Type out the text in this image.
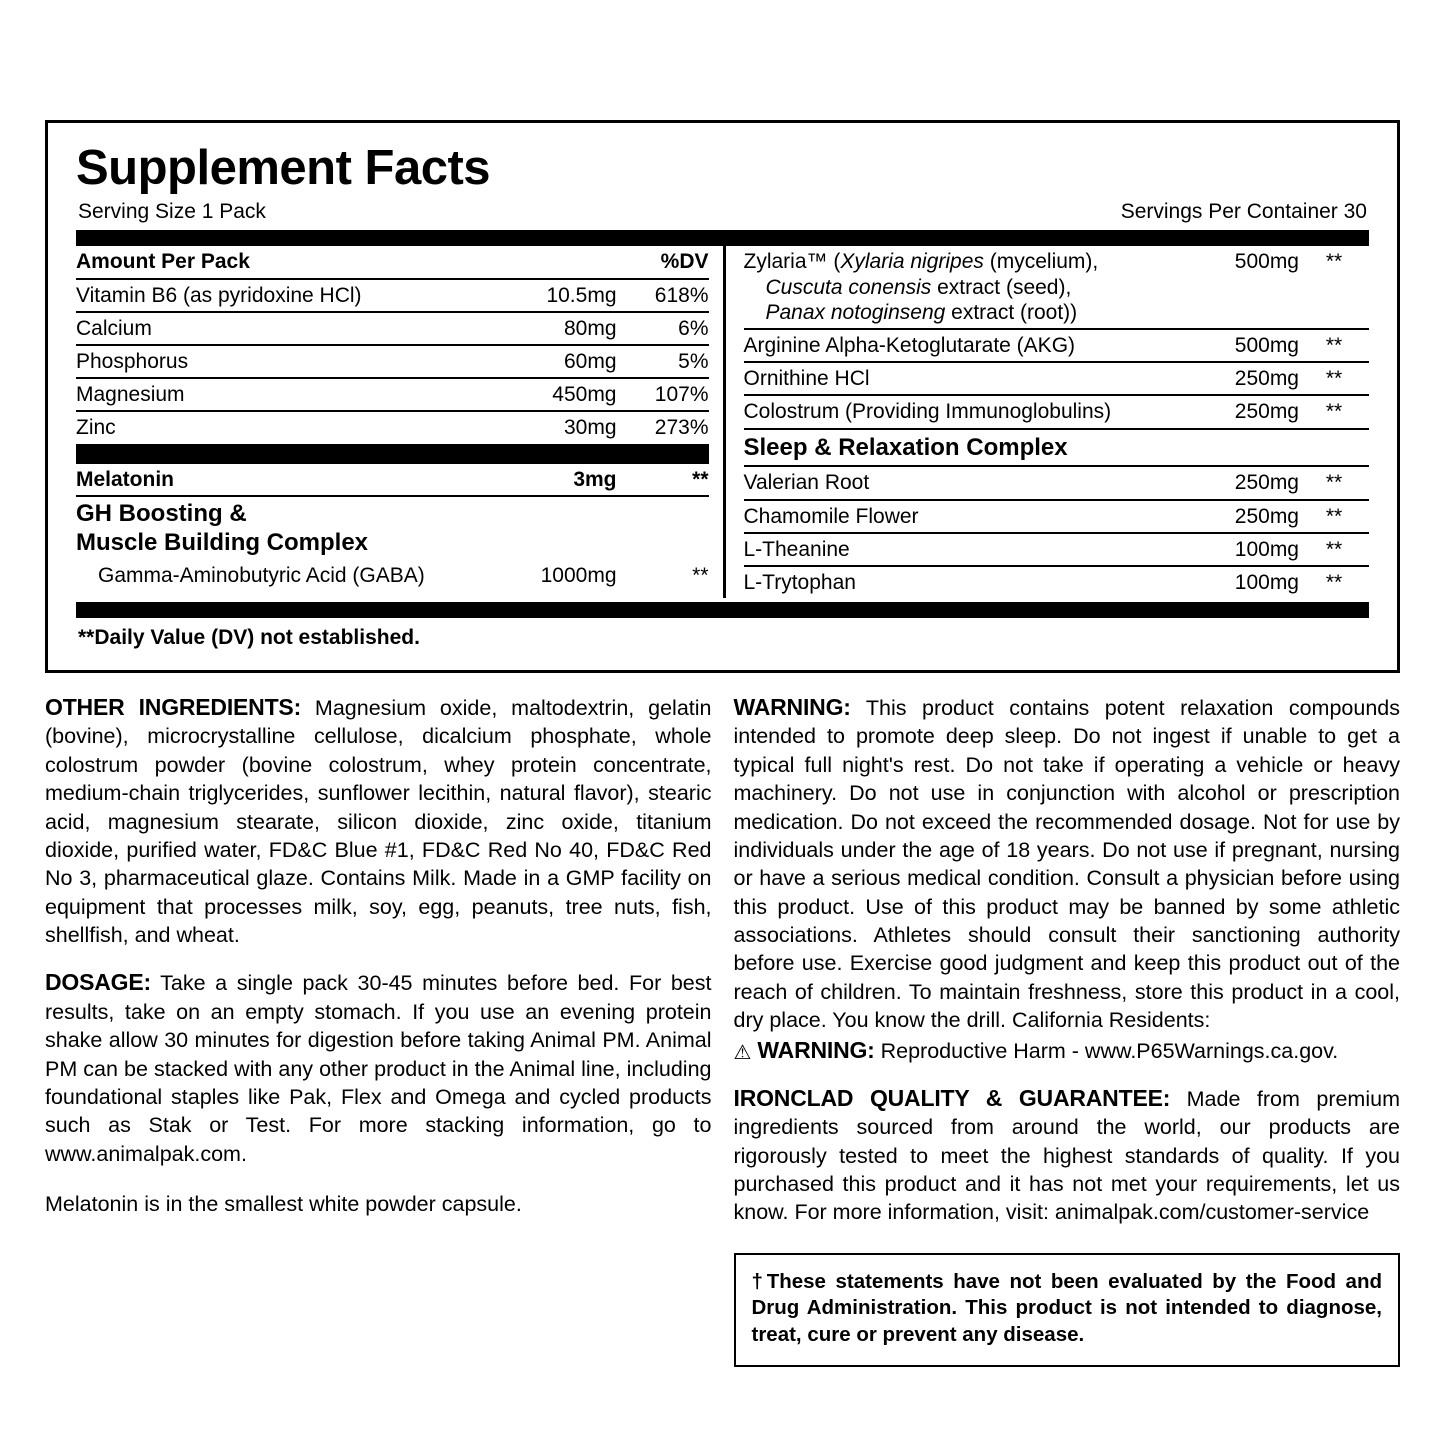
Supplement Facts
Serving Size 1 Pack	Servings Per Container 30
Amount Per Pack		%DV
Vitamin B6 (as pyridoxine HCl)	10.5mg	618%
Calcium	80mg	6%
Phosphorus	60mg	5%
Magnesium	450mg	107%
Zinc	30mg	273%

Melatonin	3mg	**
GH Boosting &
Muscle Building Complex		
Gamma-Aminobutyric Acid (GABA)	1000mg	**
Zylaria™ (Xylaria nigripes (mycelium),
Cuscuta conensis extract (seed),
Panax notoginseng extract (root))	500mg	**
Arginine Alpha-Ketoglutarate (AKG)	500mg	**
Ornithine HCl	250mg	**
Colostrum (Providing Immunoglobulins)	250mg	**
Sleep & Relaxation Complex		
Valerian Root	250mg	**
Chamomile Flower	250mg	**
L-Theanine	100mg	**
L-Trytophan	100mg	**
**Daily Value (DV) not established.

OTHER INGREDIENTS: Magnesium oxide, maltodextrin, gelatin (bovine), microcrystalline cellulose, dicalcium phosphate, whole colostrum powder (bovine colostrum, whey protein concentrate, medium-chain triglycerides, sunflower lecithin, natural flavor), stearic acid, magnesium stearate, silicon dioxide, zinc oxide, titanium dioxide, purified water, FD&C Blue #1, FD&C Red No 40, FD&C Red No 3, pharmaceutical glaze. Contains Milk. Made in a GMP facility on equipment that processes milk, soy, egg, peanuts, tree nuts, fish, shellfish, and wheat.

DOSAGE: Take a single pack 30-45 minutes before bed. For best results, take on an empty stomach. If you use an evening protein shake allow 30 minutes for digestion before taking Animal PM. Animal PM can be stacked with any other product in the Animal line, including foundational staples like Pak, Flex and Omega and cycled products such as Stak or Test. For more stacking information, go to www.animalpak.com.

Melatonin is in the smallest white powder capsule.

WARNING: This product contains potent relaxation compounds intended to promote deep sleep. Do not ingest if unable to get a typical full night's rest. Do not take if operating a vehicle or heavy machinery. Do not use in conjunction with alcohol or prescription medication. Do not exceed the recommended dosage. Not for use by individuals under the age of 18 years. Do not use if pregnant, nursing or have a serious medical condition. Consult a physician before using this product. Use of this product may be banned by some athletic associations. Athletes should consult their sanctioning authority before use. Exercise good judgment and keep this product out of the reach of children. To maintain freshness, store this product in a cool, dry place. You know the drill. California Residents:
⚠ WARNING: Reproductive Harm - www.P65Warnings.ca.gov.

IRONCLAD QUALITY & GUARANTEE: Made from premium ingredients sourced from around the world, our products are rigorously tested to meet the highest standards of quality. If you purchased this product and it has not met your requirements, let us know. For more information, visit: animalpak.com/customer-service

†These statements have not been evaluated by the Food and Drug Administration. This product is not intended to diagnose, treat, cure or prevent any disease.
